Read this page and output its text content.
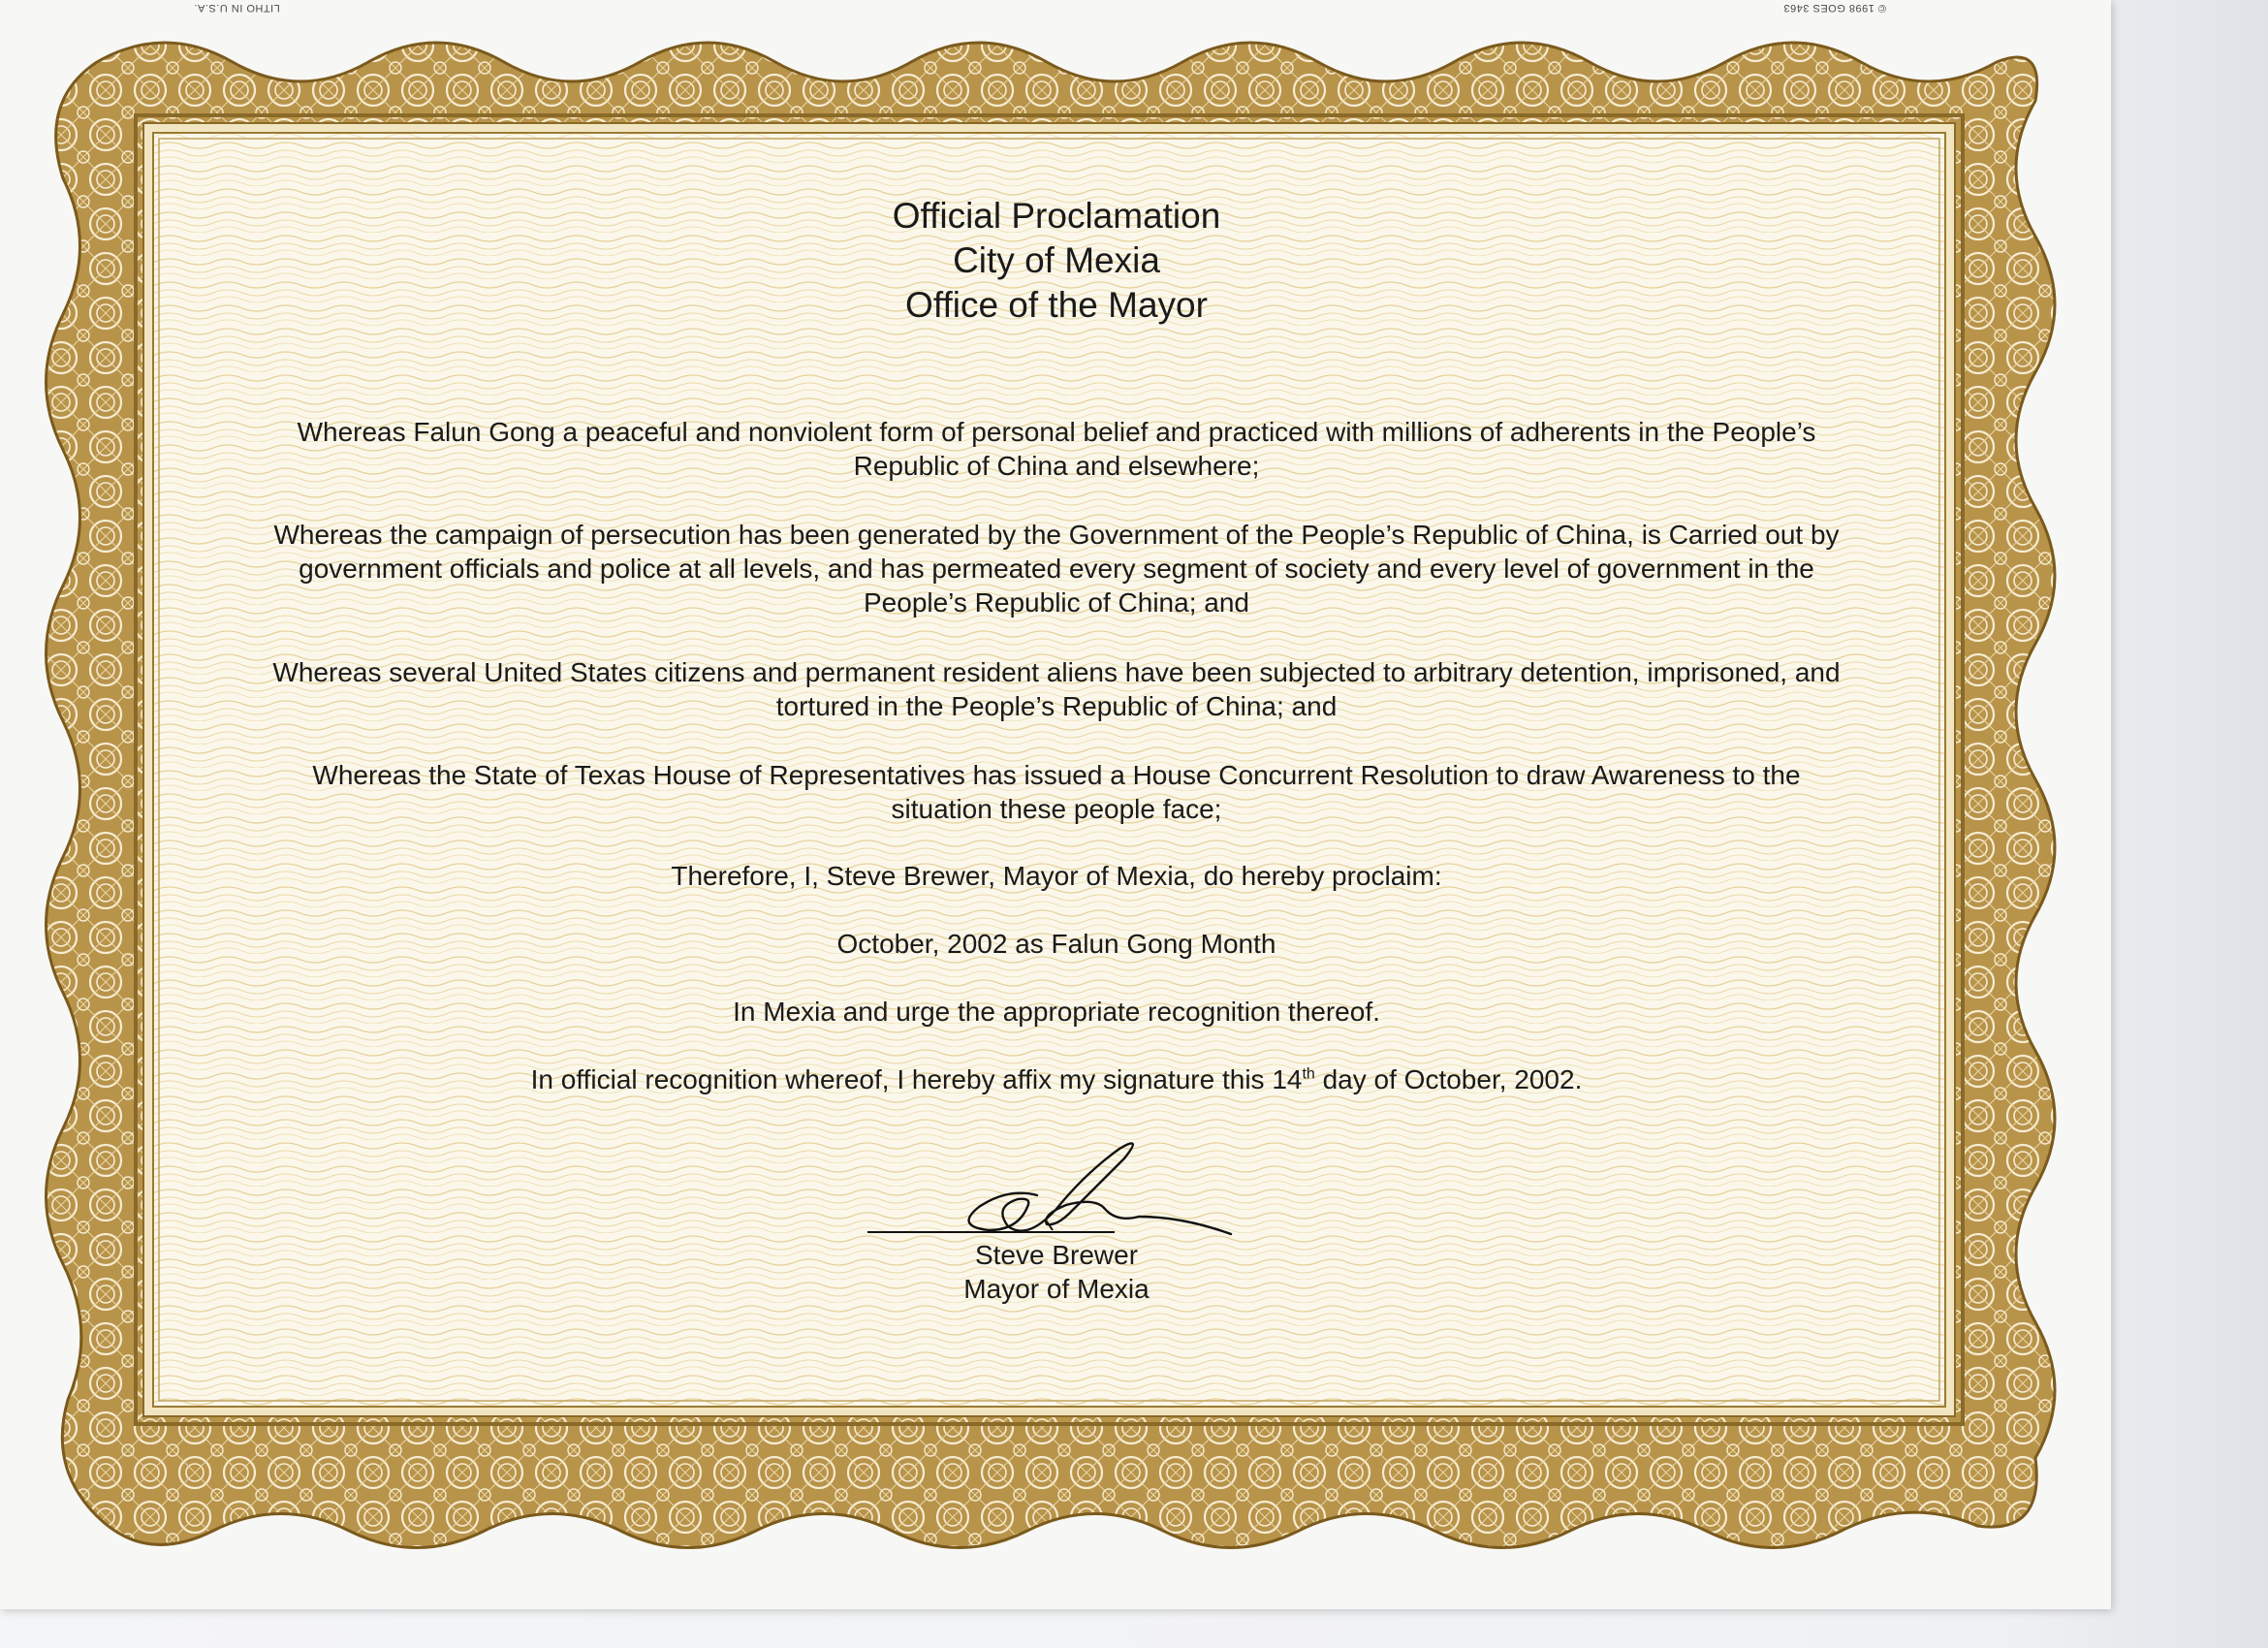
LITHO IN U.S.A.	© 1998 GOES 3463

Official Proclamation

City of Mexia

Office of the Mayor

Whereas Falun Gong a peaceful and nonviolent form of personal belief and practiced with millions of adherents in the People’s Republic of China and elsewhere;

Whereas the campaign of persecution has been generated by the Government of the People’s Republic of China, is Carried out by government officials and police at all levels, and has permeated every segment of society and every level of government in the People’s Republic of China; and

Whereas several United States citizens and permanent resident aliens have been subjected to arbitrary detention, imprisoned, and tortured in the People’s Republic of China; and

Whereas the State of Texas House of Representatives has issued a House Concurrent Resolution to draw Awareness to the situation these people face;

Therefore, I, Steve Brewer, Mayor of Mexia, do hereby proclaim:

October, 2002 as Falun Gong Month

In Mexia and urge the appropriate recognition thereof.

In official recognition whereof, I hereby affix my signature this 14th day of October, 2002.

Steve Brewer

Mayor of Mexia
